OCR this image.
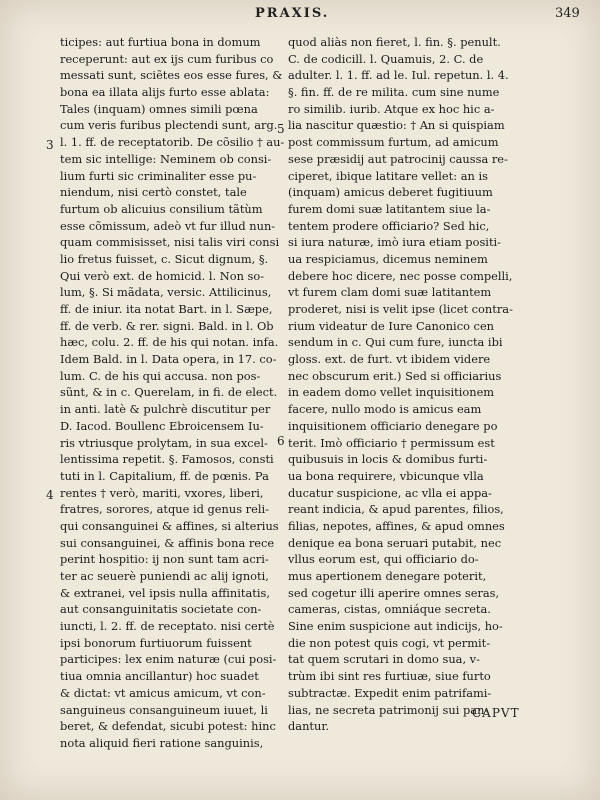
PRAXIS.	349
ticipes: aut furtiua bona in domum
receperunt: aut ex ijs cum furibus co
messati sunt, sciẽtes eos esse fures, &
bona ea illata alijs furto esse ablata:
Tales (inquam) omnes simili pœna
cum veris furibus plectendi sunt, arg.
l. 1. ff. de receptatorib. De cõsilio † au-
tem sic intellige: Neminem ob consi-
lium furti sic criminaliter esse pu-
niendum, nisi certò constet, tale
furtum ob alicuius consilium tãtùm
esse cõmissum, adeò vt fur illud nun-
quam commisisset, nisi talis viri consi
lio fretus fuisset, c. Sicut dignum, §.
Qui verò ext. de homicid. l. Non so-
lum, §. Si mãdata, versic. Attilicinus,
ff. de iniur. ita notat Bart. in l. Sæpe,
ff. de verb. & rer. signi. Bald. in l. Ob
hæc, colu. 2. ff. de his qui notan. infa.
Idem Bald. in l. Data opera, in 17. co-
lum. C. de his qui accusa. non pos-
sũnt, & in c. Querelam, in fi. de elect.
in anti. latè & pulchrè discutitur per
D. Iacod. Boullenc Ebroicensem Iu-
ris vtriusque prolytam, in sua excel-
lentissima repetit. §. Famosos, consti
tuti in l. Capitalium, ff. de pœnis. Pa
rentes † verò, mariti, vxores, liberi,
fratres, sorores, atque id genus reli-
qui consanguinei & affines, si alterius
sui consanguinei, & affinis bona rece
perint hospitio: ij non sunt tam acri-
ter ac seuerè puniendi ac alij ignoti,
& extranei, vel ipsis nulla affinitatis,
aut consanguinitatis societate con-
iuncti, l. 2. ff. de receptato. nisi certè
ipsi bonorum furtiuorum fuissent
participes: lex enim naturæ (cui posi-
tiua omnia ancillantur) hoc suadet
& dictat: vt amicus amicum, vt con-
sanguineus consanguineum iuuet, li
beret, & defendat, sicubi potest: hinc
nota aliquid fieri ratione sanguinis,
quod aliàs non fieret, l. fin. §. penult.
C. de codicill. l. Quamuis, 2. C. de
adulter. l. 1. ff. ad le. Iul. repetun. l. 4.
§. fin. ff. de re milita. cum sine nume
ro similib. iurib. Atque ex hoc hic a-
lia nascitur quæstio: † An si quispiam
post commissum furtum, ad amicum
sese præsidij aut patrocinij caussa re-
ciperet, ibique latitare vellet: an is
(inquam) amicus deberet fugitiuum
furem domi suæ latitantem siue la-
tentem prodere officiario? Sed hic,
si iura naturæ, imò iura etiam positi-
ua respiciamus, dicemus neminem
debere hoc dicere, nec posse compelli,
vt furem clam domi suæ latitantem
proderet, nisi is velit ipse (licet contra-
rium videatur de Iure Canonico cen
sendum in c. Qui cum fure, iuncta ibi
gloss. ext. de furt. vt ibidem videre
nec obscurum erit.) Sed si officiarius
in eadem domo vellet inquisitionem
facere, nullo modo is amicus eam
inquisitionem officiario denegare po
terit. Imò officiario † permissum est
quibusuis in locis & domibus furti-
ua bona requirere, vbicunque vlla
ducatur suspicione, ac vlla ei appa-
reant indicia, & apud parentes, filios,
filias, nepotes, affines, & apud omnes
denique ea bona seruari putabit, nec
vllus eorum est, qui officiario do-
mus apertionem denegare poterit,
sed cogetur illi aperire omnes seras,
cameras, cistas, omniáque secreta.
Sine enim suspicione aut indicijs, ho-
die non potest quis cogi, vt permit-
tat quem scrutari in domo sua, v-
trùm ibi sint res furtiuæ, siue furto
subtractæ. Expedit enim patrifami-
lias, ne secreta patrimonij sui pan-
dantur.
3
5
4
6
CAPVT
